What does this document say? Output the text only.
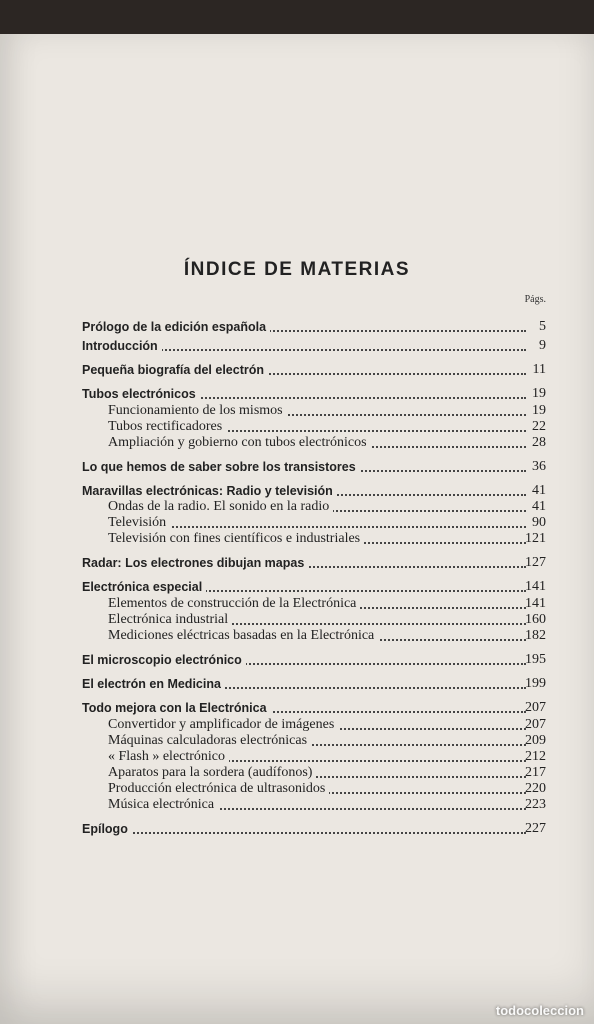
ÍNDICE DE MATERIAS
Págs.
Prólogo de la edición española	5
Introducción	9
Pequeña biografía del electrón	11
Tubos electrónicos	19
Funcionamiento de los mismos	19
Tubos rectificadores	22
Ampliación y gobierno con tubos electrónicos	28
Lo que hemos de saber sobre los transistores	36
Maravillas electrónicas: Radio y televisión	41
Ondas de la radio. El sonido en la radio	41
Televisión	90
Televisión con fines científicos e industriales	121
Radar: Los electrones dibujan mapas	127
Electrónica especial	141
Elementos de construcción de la Electrónica	141
Electrónica industrial	160
Mediciones eléctricas basadas en la Electrónica	182
El microscopio electrónico	195
El electrón en Medicina	199
Todo mejora con la Electrónica	207
Convertidor y amplificador de imágenes	207
Máquinas calculadoras electrónicas	209
« Flash » electrónico	212
Aparatos para la sordera (audífonos)	217
Producción electrónica de ultrasonidos	220
Música electrónica	223
Epílogo	227
todocoleccion
